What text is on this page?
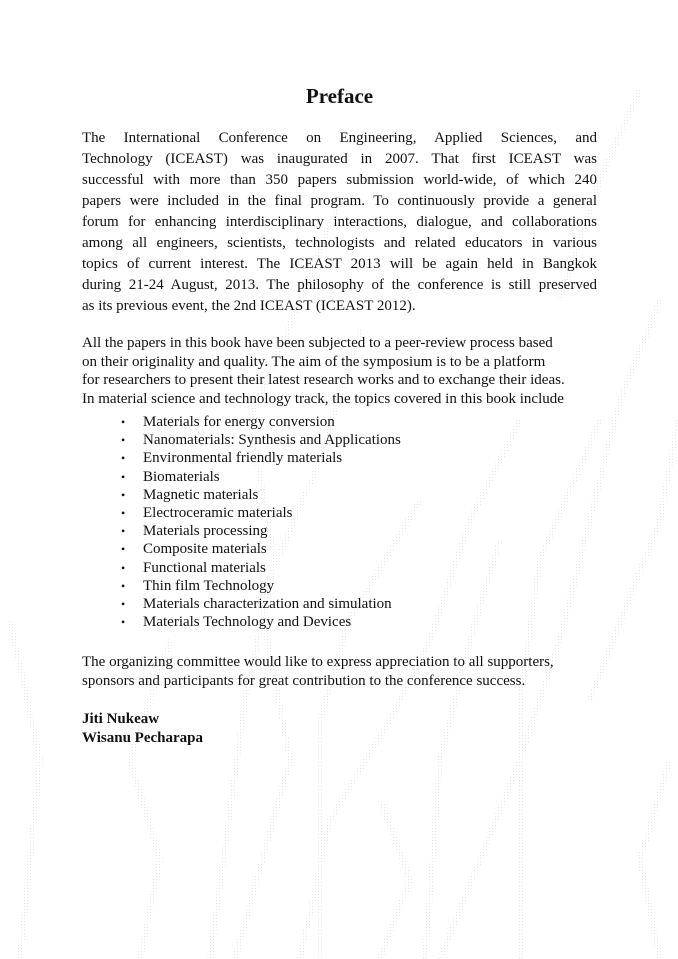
Preface

The International Conference on Engineering, Applied Sciences, and
Technology (ICEAST) was inaugurated in 2007. That first ICEAST was
successful with more than 350 papers submission world-wide, of which 240
papers were included in the final program. To continuously provide a general
forum for enhancing interdisciplinary interactions, dialogue, and collaborations
among all engineers, scientists, technologists and related educators in various
topics of current interest. The ICEAST 2013 will be again held in Bangkok
during 21-24 August, 2013. The philosophy of the conference is still preserved
as its previous event, the 2nd ICEAST (ICEAST 2012).

All the papers in this book have been subjected to a peer-review process based
on their originality and quality. The aim of the symposium is to be a platform
for researchers to present their latest research works and to exchange their ideas.
In material science and technology track, the topics covered in this book include

• Materials for energy conversion
• Nanomaterials: Synthesis and Applications
• Environmental friendly materials
• Biomaterials
• Magnetic materials
• Electroceramic materials
• Materials processing
• Composite materials
• Functional materials
• Thin film Technology
• Materials characterization and simulation
• Materials Technology and Devices

The organizing committee would like to express appreciation to all supporters,
sponsors and participants for great contribution to the conference success.

Jiti Nukeaw
Wisanu Pecharapa
